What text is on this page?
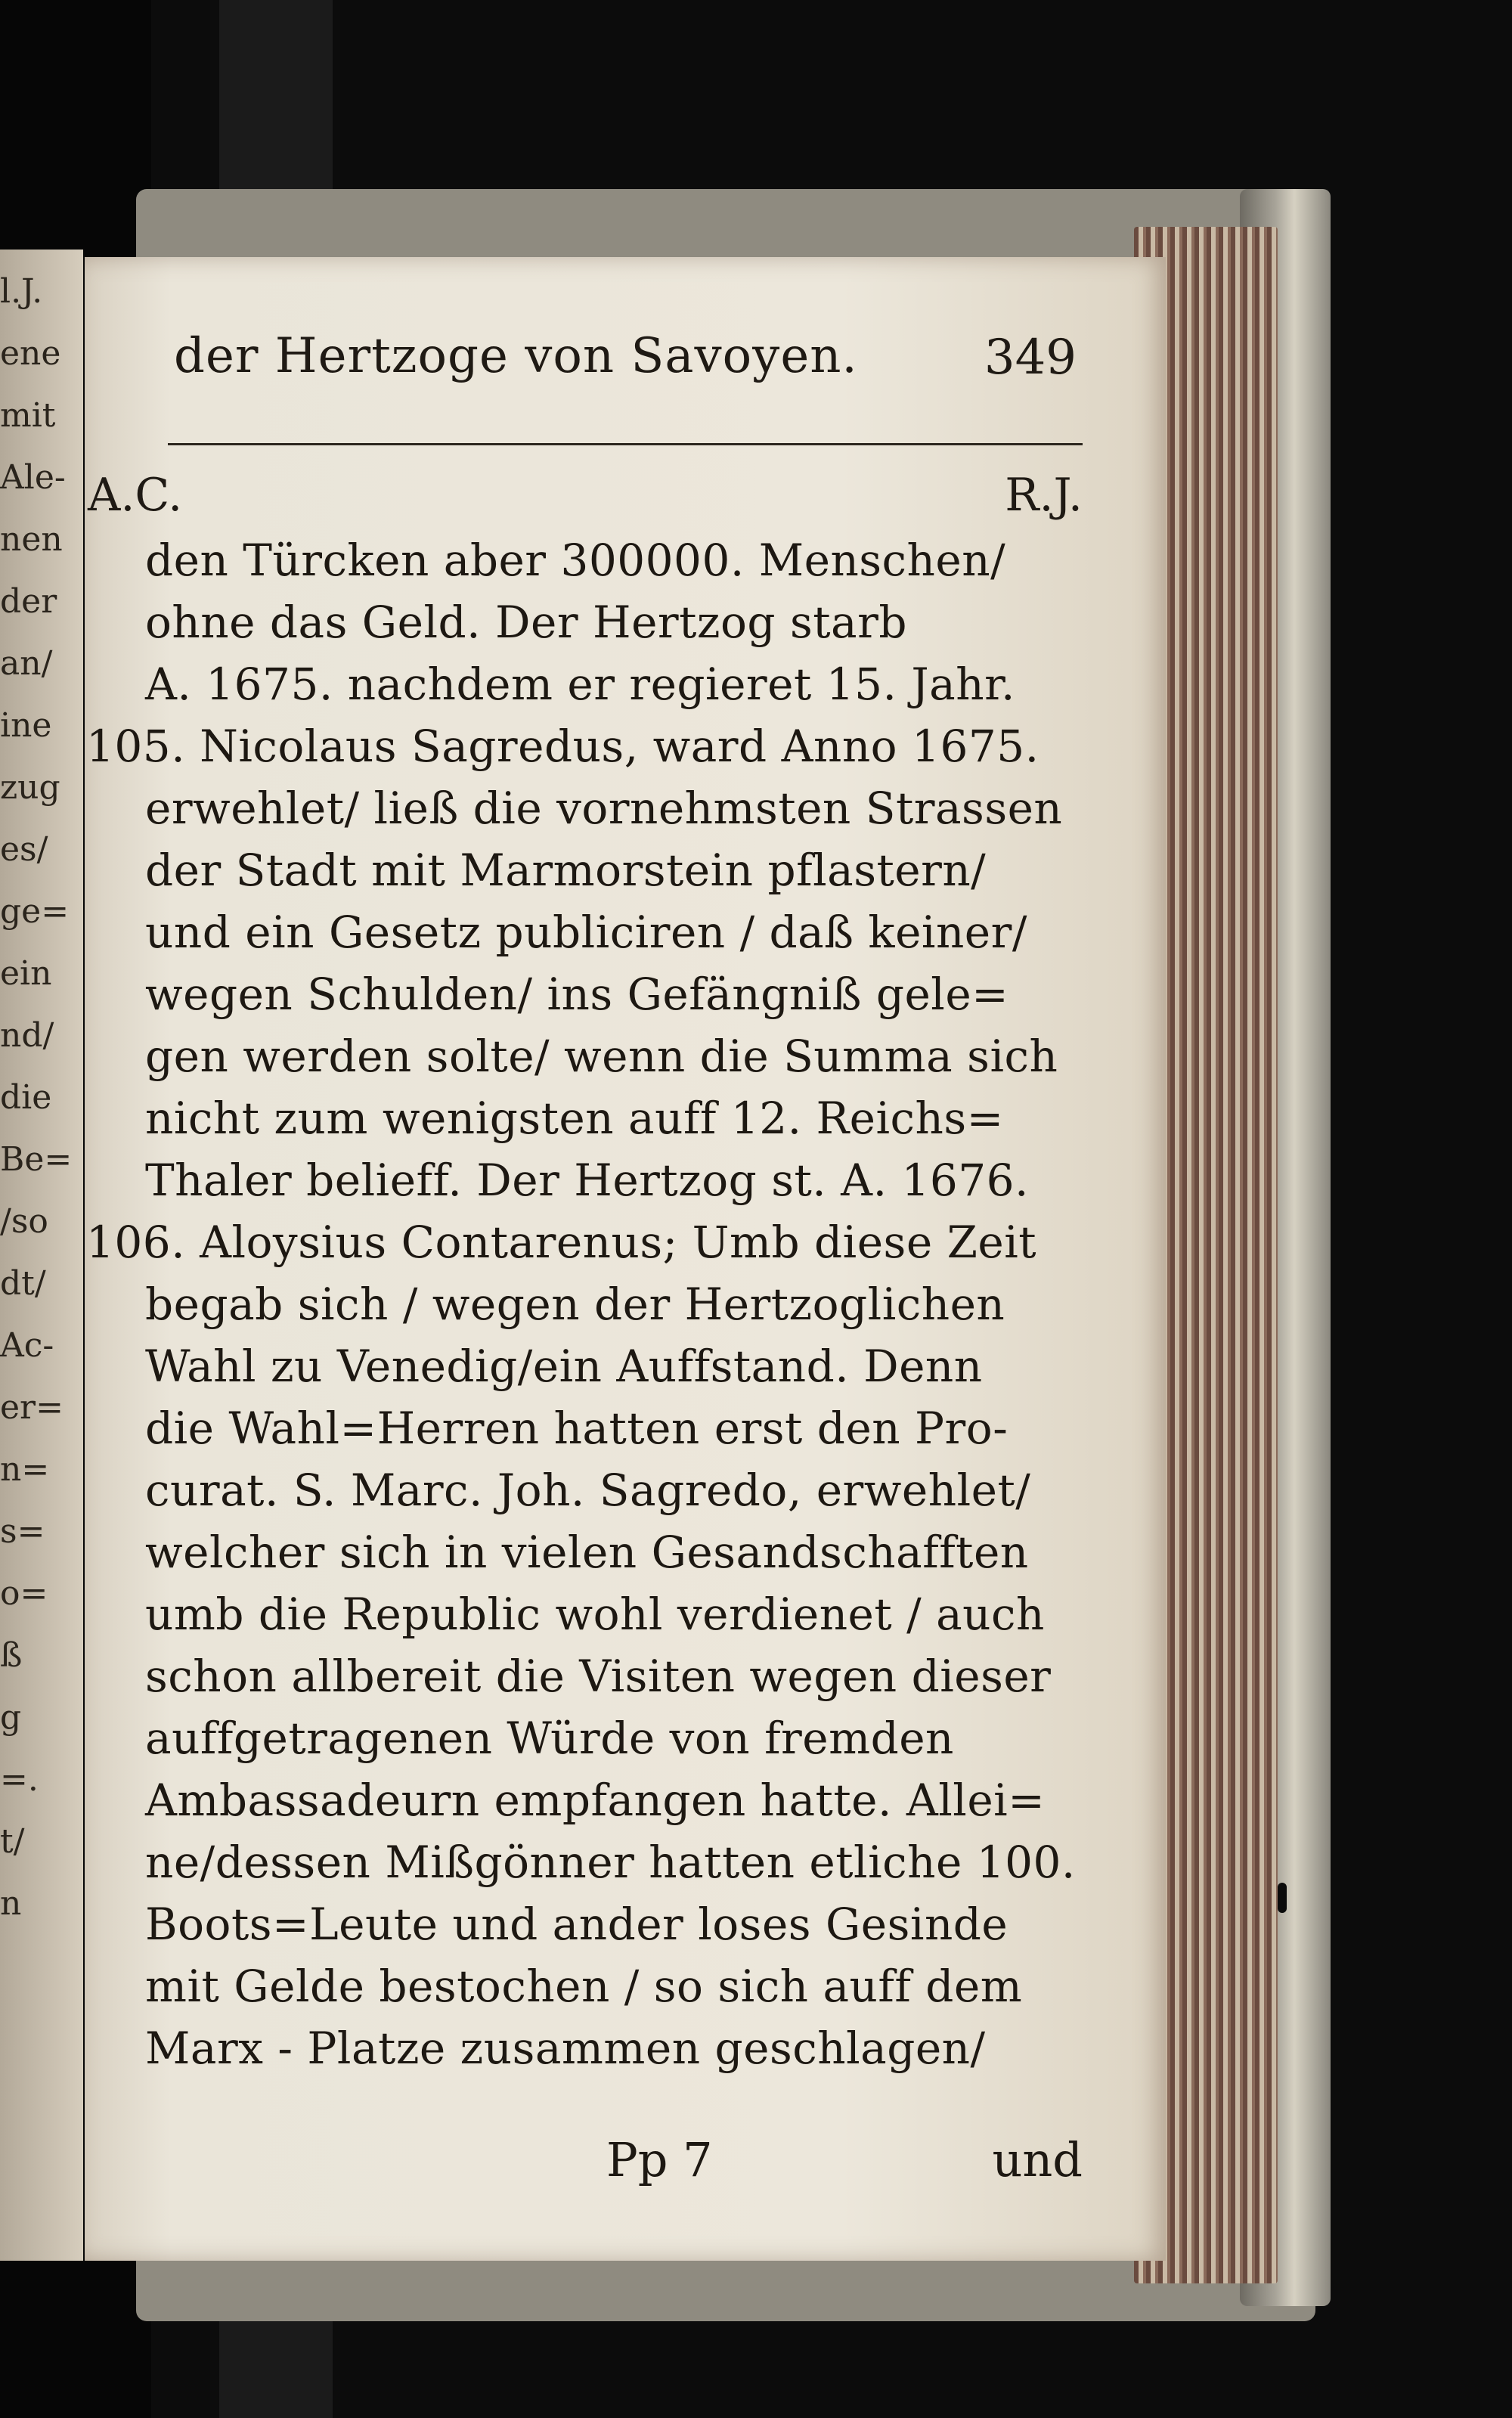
l.J.
ene
mit
Ale-
nen
der
an/
ine
zug
es/
ge=
ein
nd/
die
Be=
/so
dt/
Ac-
er=
n=
s=
o=
ß
g
=.
t/
n
der Hertzoge von Savoyen.	349
A.C.	R.J.
den Türcken aber 300000. Menschen/
ohne das Geld. Der Hertzog starb
A. 1675. nachdem er regieret 15. Jahr.
105. Nicolaus Sagredus, ward Anno 1675.
erwehlet/ ließ die vornehmsten Strassen
der Stadt mit Marmorstein pflastern/
und ein Gesetz publiciren / daß keiner/
wegen Schulden/ ins Gefängniß gele=
gen werden solte/ wenn die Summa sich
nicht zum wenigsten auff 12. Reichs=
Thaler belieff. Der Hertzog st. A. 1676.
106. Aloysius Contarenus; Umb diese Zeit
begab sich / wegen der Hertzoglichen
Wahl zu Venedig/ein Auffstand. Denn
die Wahl=Herren hatten erst den Pro-
curat. S. Marc. Joh. Sagredo, erwehlet/
welcher sich in vielen Gesandschafften
umb die Republic wohl verdienet / auch
schon allbereit die Visiten wegen dieser
auffgetragenen Würde von fremden
Ambassadeurn empfangen hatte. Allei=
ne/dessen Mißgönner hatten etliche 100.
Boots=Leute und ander loses Gesinde
mit Gelde bestochen / so sich auff dem
Marx - Platze zusammen geschlagen/
Pp 7	und
